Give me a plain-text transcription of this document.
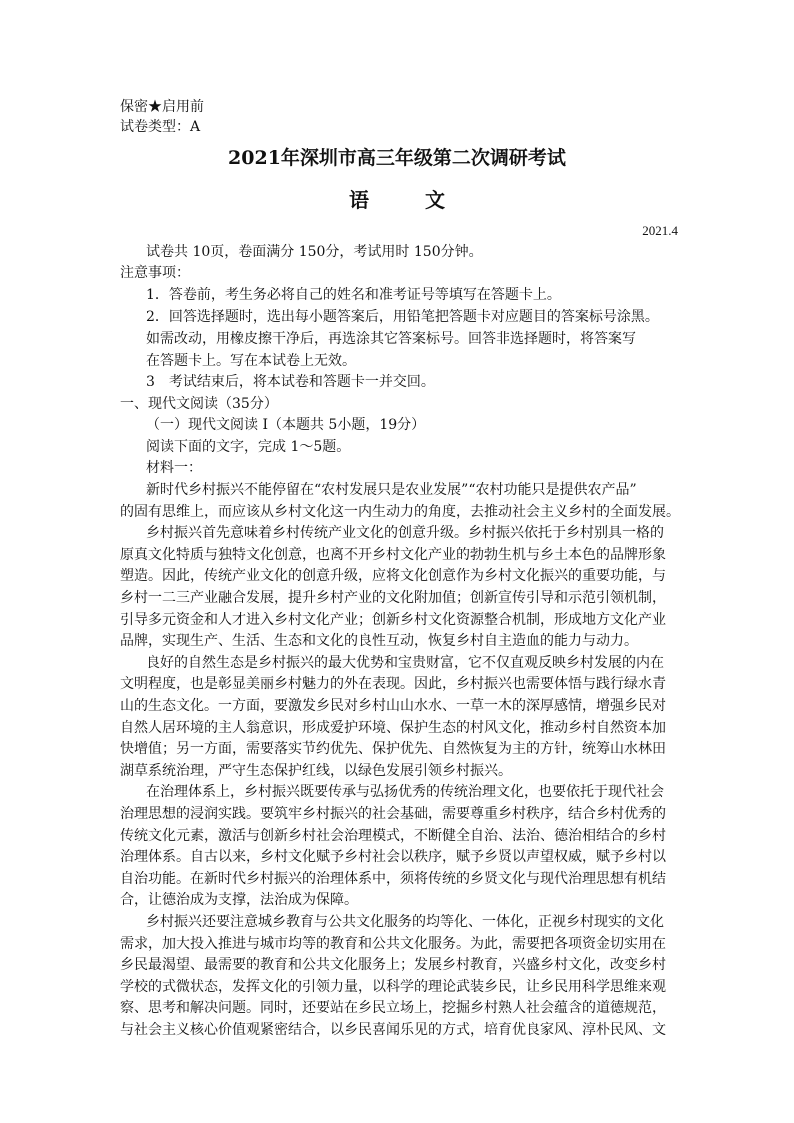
保密★启用前
试卷类型：A
2021年深圳市高三年级第二次调研考试
语　文
2021.4
试卷共 10页，卷面满分 150分，考试用时 150分钟。
注意事项：
1．答卷前，考生务必将自己的姓名和准考证号等填写在答题卡上。
2．回答选择题时，选出每小题答案后，用铅笔把答题卡对应题目的答案标号涂黑。
如需改动，用橡皮擦干净后，再选涂其它答案标号。回答非选择题时，将答案写
在答题卡上。写在本试卷上无效。
3　考试结束后，将本试卷和答题卡一并交回。
一、现代文阅读（35分）
（一）现代文阅读 I（本题共 5小题，19分）
阅读下面的文字，完成 1～5题。
材料一：
新时代乡村振兴不能停留在“农村发展只是农业发展”“农村功能只是提供农产品”
的固有思维上，而应该从乡村文化这一内生动力的角度，去推动社会主义乡村的全面发展。
乡村振兴首先意味着乡村传统产业文化的创意升级。乡村振兴依托于乡村别具一格的
原真文化特质与独特文化创意，也离不开乡村文化产业的勃勃生机与乡土本色的品牌形象
塑造。因此，传统产业文化的创意升级，应将文化创意作为乡村文化振兴的重要功能，与
乡村一二三产业融合发展，提升乡村产业的文化附加值；创新宣传引导和示范引领机制，
引导多元资金和人才进入乡村文化产业；创新乡村文化资源整合机制，形成地方文化产业
品牌，实现生产、生活、生态和文化的良性互动，恢复乡村自主造血的能力与动力。
良好的自然生态是乡村振兴的最大优势和宝贵财富，它不仅直观反映乡村发展的内在
文明程度，也是彰显美丽乡村魅力的外在表现。因此，乡村振兴也需要体悟与践行绿水青
山的生态文化。一方面，要激发乡民对乡村山山水水、一草一木的深厚感情，增强乡民对
自然人居环境的主人翁意识，形成爱护环境、保护生态的村风文化，推动乡村自然资本加
快增值；另一方面，需要落实节约优先、保护优先、自然恢复为主的方针，统筹山水林田
湖草系统治理，严守生态保护红线，以绿色发展引领乡村振兴。
在治理体系上，乡村振兴既要传承与弘扬优秀的传统治理文化，也要依托于现代社会
治理思想的浸润实践。要筑牢乡村振兴的社会基础，需要尊重乡村秩序，结合乡村优秀的
传统文化元素，激活与创新乡村社会治理模式，不断健全自治、法治、德治相结合的乡村
治理体系。自古以来，乡村文化赋予乡村社会以秩序，赋予乡贤以声望权威，赋予乡村以
自治功能。在新时代乡村振兴的治理体系中，须将传统的乡贤文化与现代治理思想有机结
合，让德治成为支撑，法治成为保障。
乡村振兴还要注意城乡教育与公共文化服务的均等化、一体化，正视乡村现实的文化
需求，加大投入推进与城市均等的教育和公共文化服务。为此，需要把各项资金切实用在
乡民最渴望、最需要的教育和公共文化服务上；发展乡村教育，兴盛乡村文化，改变乡村
学校的式微状态，发挥文化的引领力量，以科学的理论武装乡民，让乡民用科学思维来观
察、思考和解决问题。同时，还要站在乡民立场上，挖掘乡村熟人社会蕴含的道德规范，
与社会主义核心价值观紧密结合，以乡民喜闻乐见的方式，培育优良家风、淳朴民风、文
